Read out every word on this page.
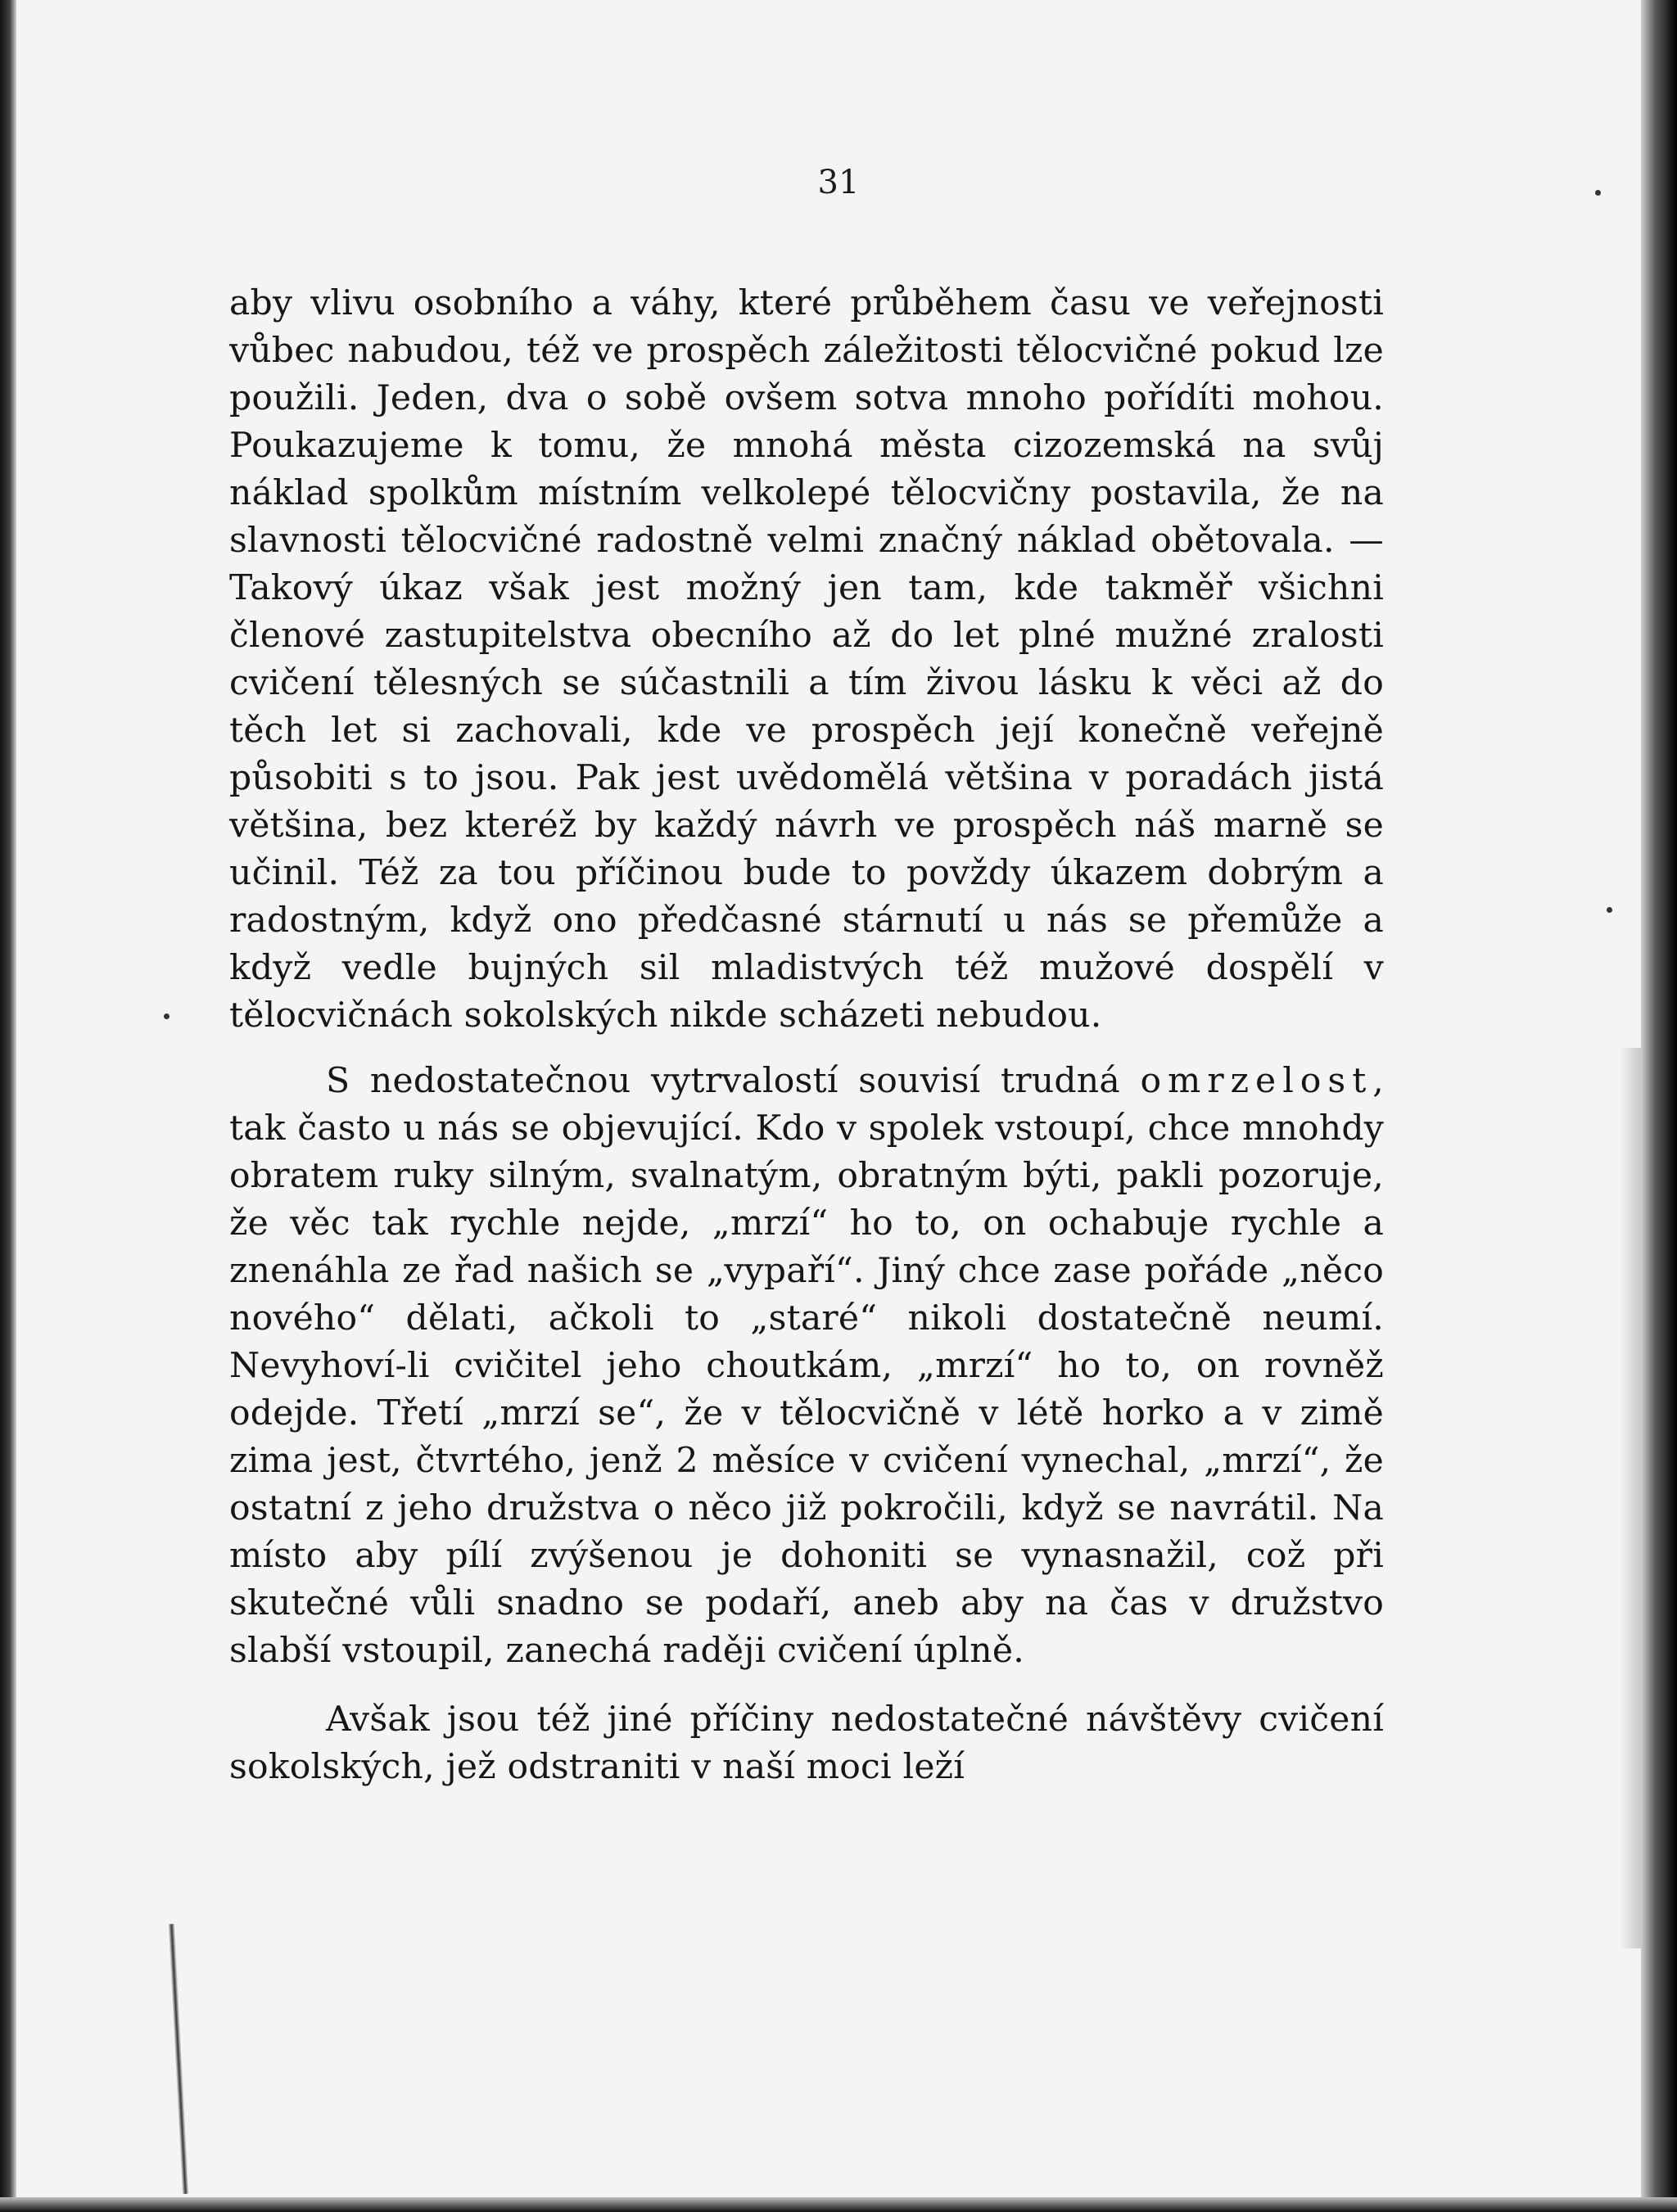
31

aby vlivu osobního a váhy, které průběhem času ve veřejnosti vůbec nabudou, též ve prospěch záležitosti tělocvičné pokud lze použili. Jeden, dva o sobě ovšem sotva mnoho pořídíti mohou. Poukazujeme k tomu, že mnohá města cizozemská na svůj náklad spolkům místním velkolepé tělocvičny postavila, že na slavnosti tělocvičné radostně velmi značný náklad obětovala. — Takový úkaz však jest možný jen tam, kde takměř všichni členové zastupitelstva obecního až do let plné mužné zralosti cvičení tělesných se súčastnili a tím živou lásku k věci až do těch let si zachovali, kde ve prospěch její konečně veřejně působiti s to jsou. Pak jest uvědomělá většina v poradách jistá většina, bez kteréž by každý návrh ve prospěch náš marně se učinil. Též za tou příčinou bude to povždy úkazem dobrým a radostným, když ono předčasné stárnutí u nás se přemůže a když vedle bujných sil mladistvých též mužové dospělí v tělocvičnách sokolských nikde scházeti nebudou.

S nedostatečnou vytrvalostí souvisí trudná omrzelost, tak často u nás se objevující. Kdo v spolek vstoupí, chce mnohdy obratem ruky silným, svalnatým, obratným býti, pakli pozoruje, že věc tak rychle nejde, „mrzí“ ho to, on ochabuje rychle a znenáhla ze řad našich se „vypaří“. Jiný chce zase pořáde „něco nového“ dělati, ačkoli to „staré“ nikoli dostatečně neumí. Nevyhoví-li cvičitel jeho choutkám, „mrzí“ ho to, on rovněž odejde. Třetí „mrzí se“, že v tělocvičně v létě horko a v zimě zima jest, čtvrtého, jenž 2 měsíce v cvičení vynechal, „mrzí“, že ostatní z jeho družstva o něco již pokročili, když se navrátil. Na místo aby pílí zvýšenou je dohoniti se vynasnažil, což při skutečné vůli snadno se podaří, aneb aby na čas v družstvo slabší vstoupil, zanechá raději cvičení úplně.

Avšak jsou též jiné příčiny nedostatečné návštěvy cvičení sokolských, jež odstraniti v naší moci leží
